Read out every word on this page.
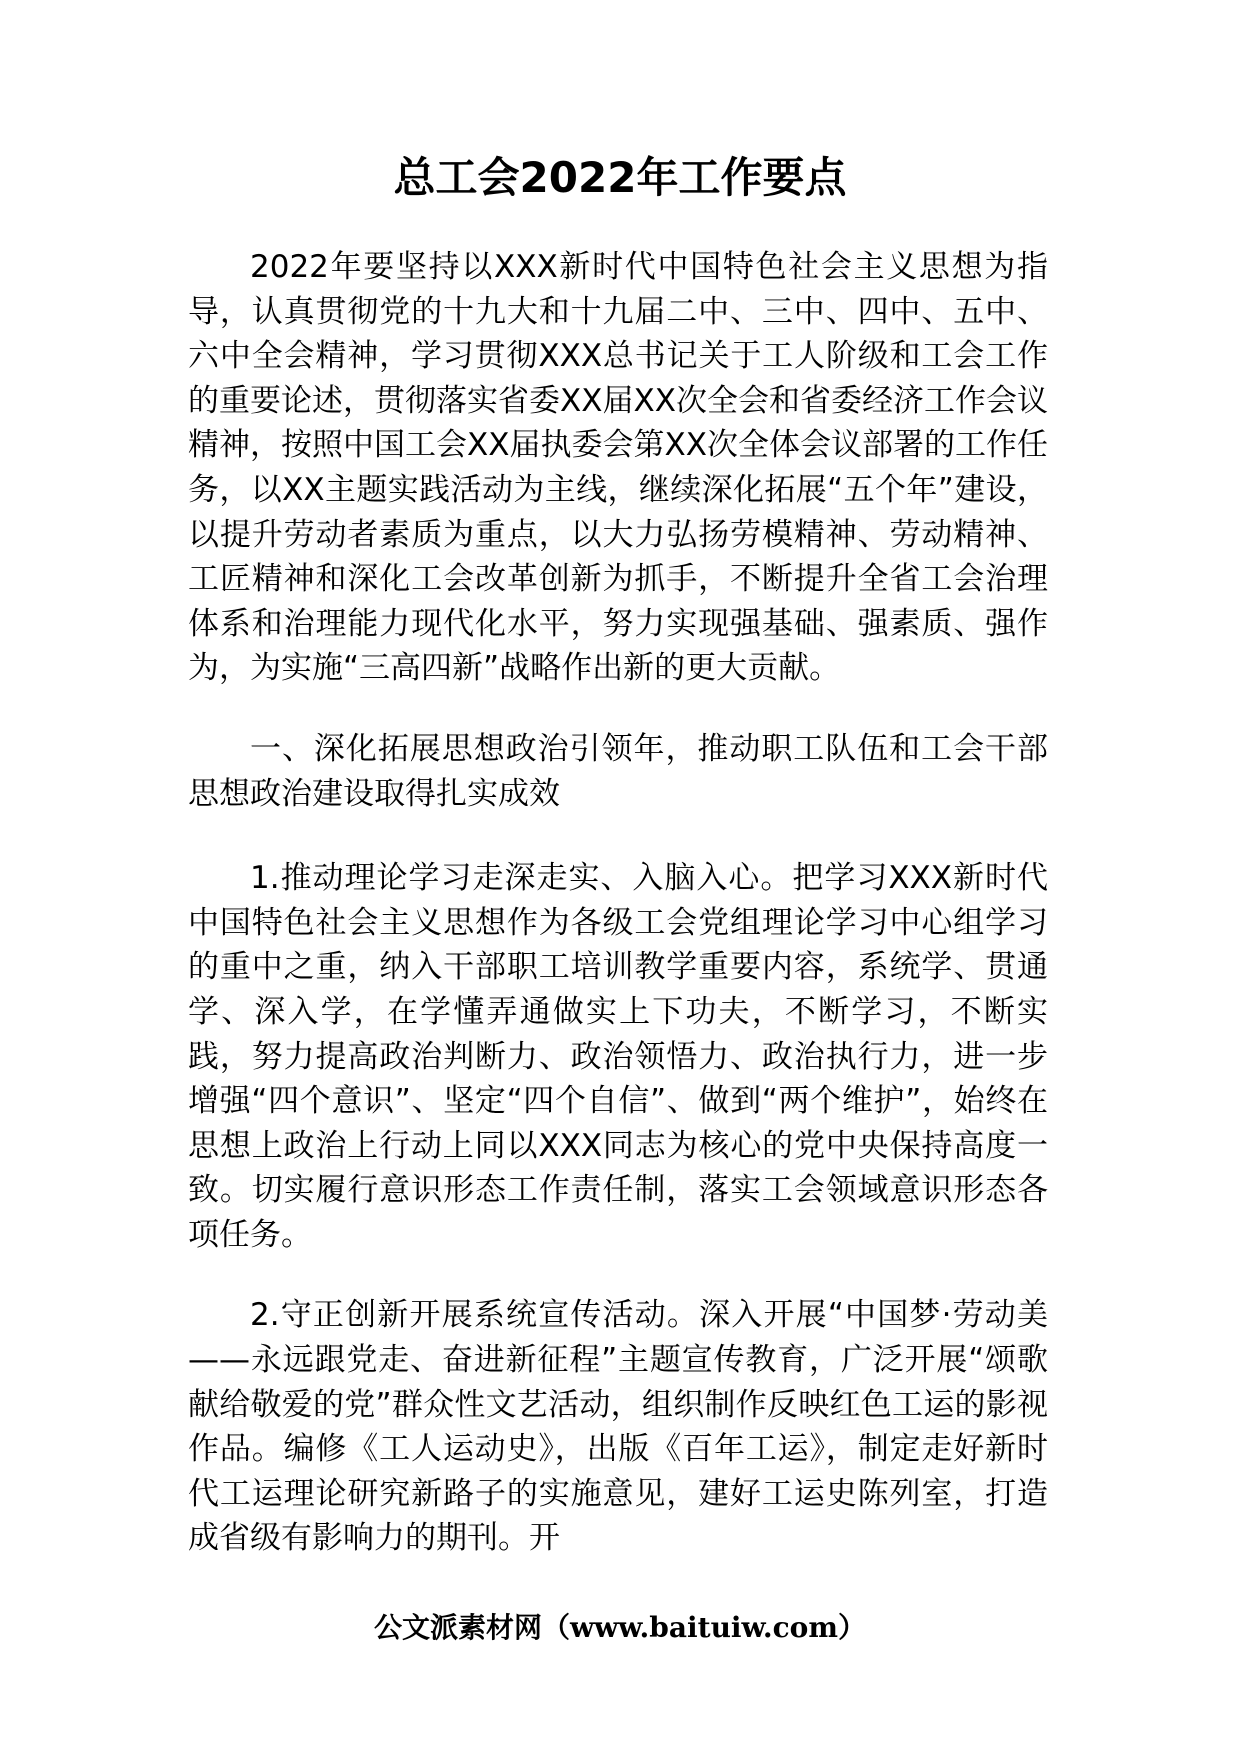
总工会2022年工作要点

2022年要坚持以XXX新时代中国特色社会主义思想为指导，认真贯彻党的十九大和十九届二中、三中、四中、五中、六中全会精神，学习贯彻XXX总书记关于工人阶级和工会工作的重要论述，贯彻落实省委XX届XX次全会和省委经济工作会议精神，按照中国工会XX届执委会第XX次全体会议部署的工作任务，以XX主题实践活动为主线，继续深化拓展“五个年”建设，以提升劳动者素质为重点，以大力弘扬劳模精神、劳动精神、工匠精神和深化工会改革创新为抓手，不断提升全省工会治理体系和治理能力现代化水平，努力实现强基础、强素质、强作为，为实施“三高四新”战略作出新的更大贡献。

一、深化拓展思想政治引领年，推动职工队伍和工会干部思想政治建设取得扎实成效

1.推动理论学习走深走实、入脑入心。把学习XXX新时代中国特色社会主义思想作为各级工会党组理论学习中心组学习的重中之重，纳入干部职工培训教学重要内容，系统学、贯通学、深入学，在学懂弄通做实上下功夫，不断学习，不断实践，努力提高政治判断力、政治领悟力、政治执行力，进一步增强“四个意识”、坚定“四个自信”、做到“两个维护”，始终在思想上政治上行动上同以XXX同志为核心的党中央保持高度一致。切实履行意识形态工作责任制，落实工会领域意识形态各项任务。

2.守正创新开展系统宣传活动。深入开展“中国梦·劳动美——永远跟党走、奋进新征程”主题宣传教育，广泛开展“颂歌献给敬爱的党”群众性文艺活动，组织制作反映红色工运的影视作品。编修《工人运动史》，出版《百年工运》，制定走好新时代工运理论研究新路子的实施意见，建好工运史陈列室，打造成省级有影响力的期刊。开

公文派素材网（www.baituiw.com）
